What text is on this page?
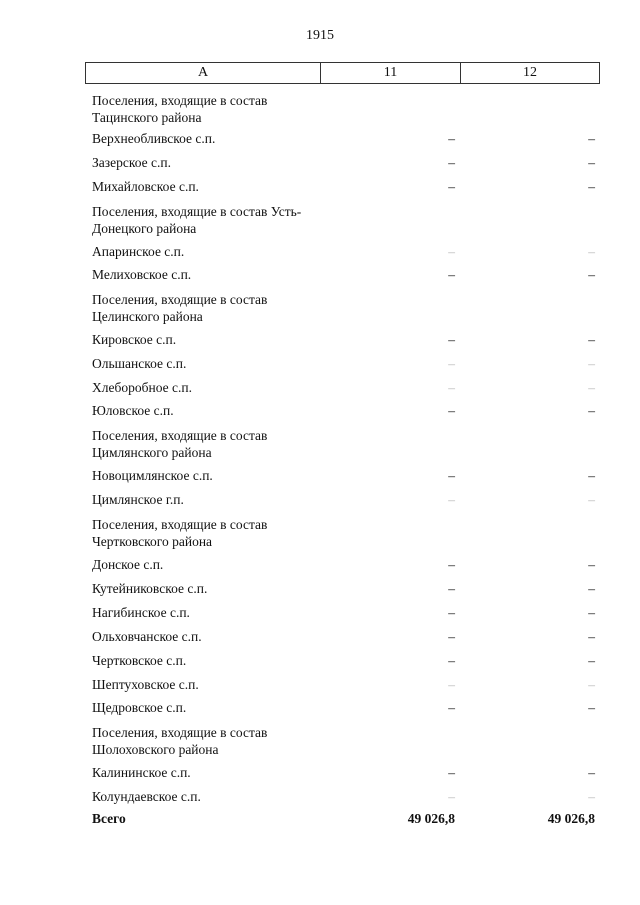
1915
А	11	12
Поселения, входящие в состав Тацинского района
Верхнеобливское с.п.	–	–
Зазерское с.п.	–	–
Михайловское с.п.	–	–
Поселения, входящие в состав Усть-Донецкого района
Апаринское с.п.	–	–
Мелиховское с.п.	–	–
Поселения, входящие в состав Целинского района
Кировское с.п.	–	–
Ольшанское с.п.	–	–
Хлеборобное с.п.	–	–
Юловское с.п.	–	–
Поселения, входящие в состав Цимлянского района
Новоцимлянское с.п.	–	–
Цимлянское г.п.	–	–
Поселения, входящие в состав Чертковского района
Донское с.п.	–	–
Кутейниковское с.п.	–	–
Нагибинское с.п.	–	–
Ольховчанское с.п.	–	–
Чертковское с.п.	–	–
Шептуховское с.п.	–	–
Щедровское с.п.	–	–
Поселения, входящие в состав Шолоховского района
Калининское с.п.	–	–
Колундаевское с.п.	–	–
Всего	49 026,8	49 026,8
